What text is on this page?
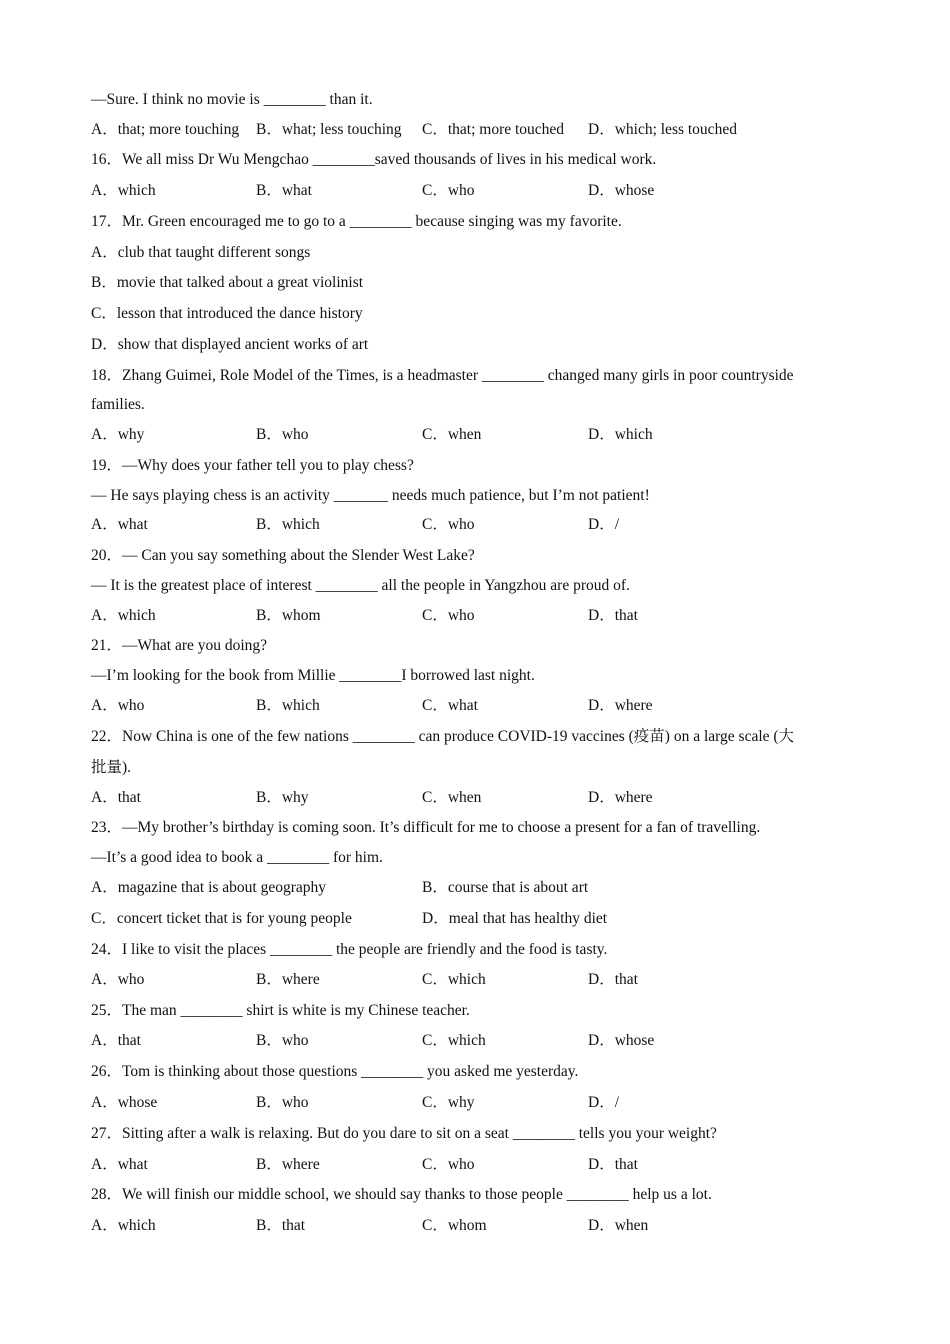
—Sure. I think no movie is ________ than it.
A．that; more touching B．what; less touching C．that; more touched D．which; less touched
16．We all miss Dr Wu Mengchao ________saved thousands of lives in his medical work.
A．which	B．what	C．who	D．whose
17．Mr. Green encouraged me to go to a ________ because singing was my favorite.
A．club that taught different songs
B．movie that talked about a great violinist
C．lesson that introduced the dance history
D．show that displayed ancient works of art
18．Zhang Guimei, Role Model of the Times, is a headmaster ________ changed many girls in poor countryside
families.
A．why	B．who	C．when	D．which
19．—Why does your father tell you to play chess?
— He says playing chess is an activity _______ needs much patience, but I’m not patient!
A．what	B．which	C．who	D．/
20．— Can you say something about the Slender West Lake?
— It is the greatest place of interest ________ all the people in Yangzhou are proud of.
A．which	B．whom	C．who	D．that
21．—What are you doing?
—I’m looking for the book from Millie ________I borrowed last night.
A．who	B．which	C．what	D．where
22．Now China is one of the few nations ________ can produce COVID-19 vaccines (疫苗) on a large scale (大
批量).
A．that	B．why	C．when	D．where
23．—My brother’s birthday is coming soon. It’s difficult for me to choose a present for a fan of travelling.
—It’s a good idea to book a ________ for him.
A．magazine that is about geography	B．course that is about art
C．concert ticket that is for young people	D．meal that has healthy diet
24．I like to visit the places ________ the people are friendly and the food is tasty.
A．who	B．where	C．which	D．that
25．The man ________ shirt is white is my Chinese teacher.
A．that	B．who	C．which	D．whose
26．Tom is thinking about those questions ________ you asked me yesterday.
A．whose	B．who	C．why	D．/
27．Sitting after a walk is relaxing. But do you dare to sit on a seat ________ tells you your weight?
A．what	B．where	C．who	D．that
28．We will finish our middle school, we should say thanks to those people ________ help us a lot.
A．which	B．that	C．whom	D．when
